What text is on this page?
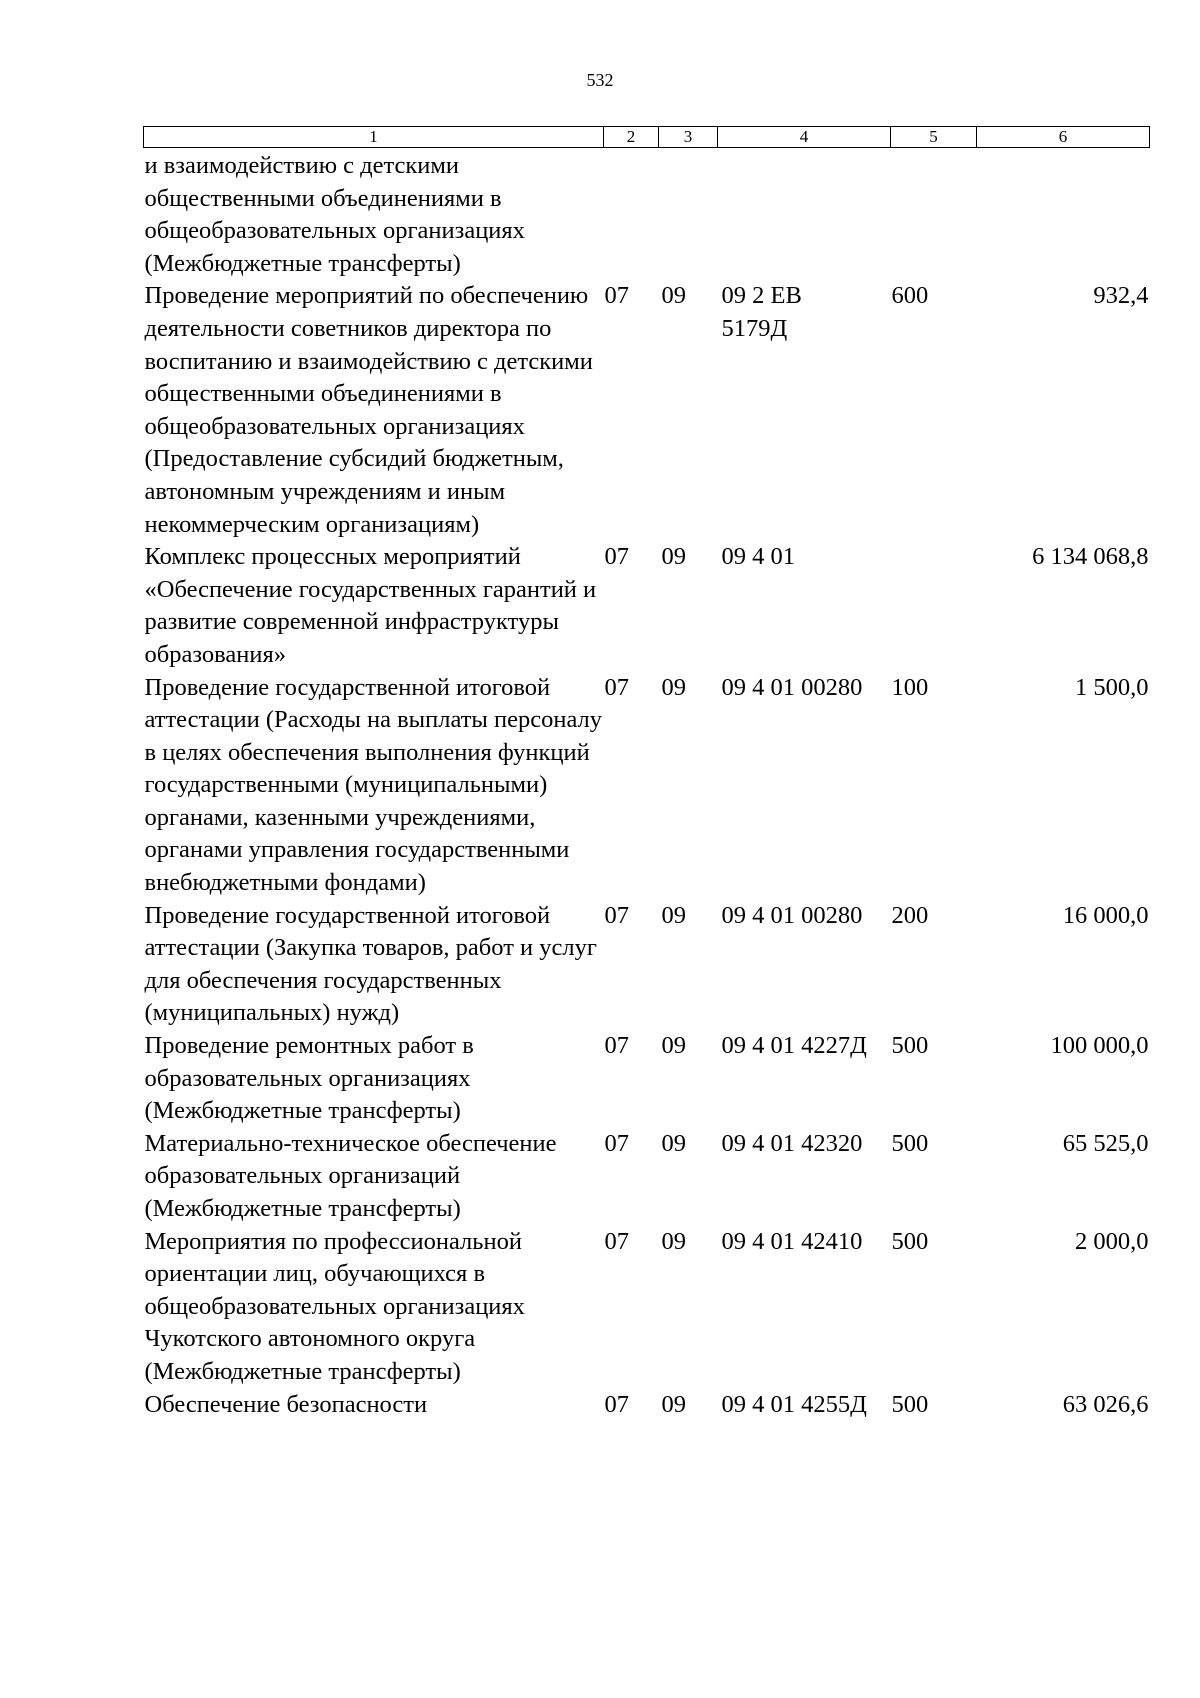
532
1	2	3	4	5	6
и взаимодействию с детскими общественными объединениями в общеобразовательных организациях (Межбюджетные трансферты)					
Проведение мероприятий по обеспечению деятельности советников директора по воспитанию и взаимодействию с детскими общественными объединениями в общеобразовательных организациях (Предоставление субсидий бюджетным, автономным учреждениям и иным некоммерческим организациям)	07	09	09 2 ЕВ 5179Д	600	932,4
Комплекс процессных мероприятий «Обеспечение государственных гарантий и развитие современной инфраструктуры образования»	07	09	09 4 01		6 134 068,8
Проведение государственной итоговой аттестации (Расходы на выплаты персоналу в целях обеспечения выполнения функций государственными (муниципальными) органами, казенными учреждениями, органами управления государственными внебюджетными фондами)	07	09	09 4 01 00280	100	1 500,0
Проведение государственной итоговой аттестации (Закупка товаров, работ и услуг для обеспечения государственных (муниципальных) нужд)	07	09	09 4 01 00280	200	16 000,0
Проведение ремонтных работ в образовательных организациях (Межбюджетные трансферты)	07	09	09 4 01 4227Д	500	100 000,0
Материально-техническое обеспечение образовательных организаций (Межбюджетные трансферты)	07	09	09 4 01 42320	500	65 525,0
Мероприятия по профессиональной ориентации лиц, обучающихся в общеобразовательных организациях Чукотского автономного округа (Межбюджетные трансферты)	07	09	09 4 01 42410	500	2 000,0
Обеспечение безопасности	07	09	09 4 01 4255Д	500	63 026,6
